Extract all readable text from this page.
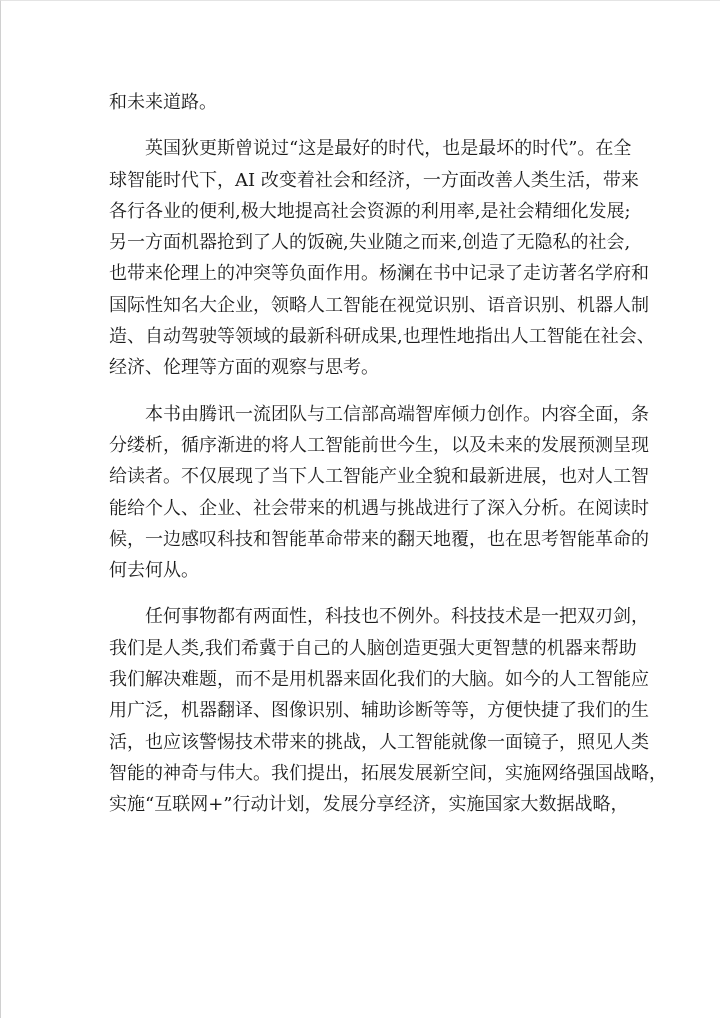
和未来道路。
英国狄更斯曾说过“这是最好的时代，也是最坏的时代”。在全
球智能时代下，AI 改变着社会和经济，一方面改善人类生活，带来
各行各业的便利,极大地提高社会资源的利用率,是社会精细化发展;
另一方面机器抢到了人的饭碗,失业随之而来,创造了无隐私的社会,
也带来伦理上的冲突等负面作用。杨澜在书中记录了走访著名学府和
国际性知名大企业，领略人工智能在视觉识别、语音识别、机器人制
造、自动驾驶等领域的最新科研成果,也理性地指出人工智能在社会、
经济、伦理等方面的观察与思考。
本书由腾讯一流团队与工信部高端智库倾力创作。内容全面，条
分缕析，循序渐进的将人工智能前世今生，以及未来的发展预测呈现
给读者。不仅展现了当下人工智能产业全貌和最新进展，也对人工智
能给个人、企业、社会带来的机遇与挑战进行了深入分析。在阅读时
候，一边感叹科技和智能革命带来的翻天地覆，也在思考智能革命的
何去何从。
任何事物都有两面性，科技也不例外。科技技术是一把双刃剑，
我们是人类,我们希冀于自己的人脑创造更强大更智慧的机器来帮助
我们解决难题，而不是用机器来固化我们的大脑。如今的人工智能应
用广泛，机器翻译、图像识别、辅助诊断等等，方便快捷了我们的生
活，也应该警惕技术带来的挑战，人工智能就像一面镜子，照见人类
智能的神奇与伟大。我们提出，拓展发展新空间，实施网络强国战略，
实施“互联网+”行动计划，发展分享经济，实施国家大数据战略，
